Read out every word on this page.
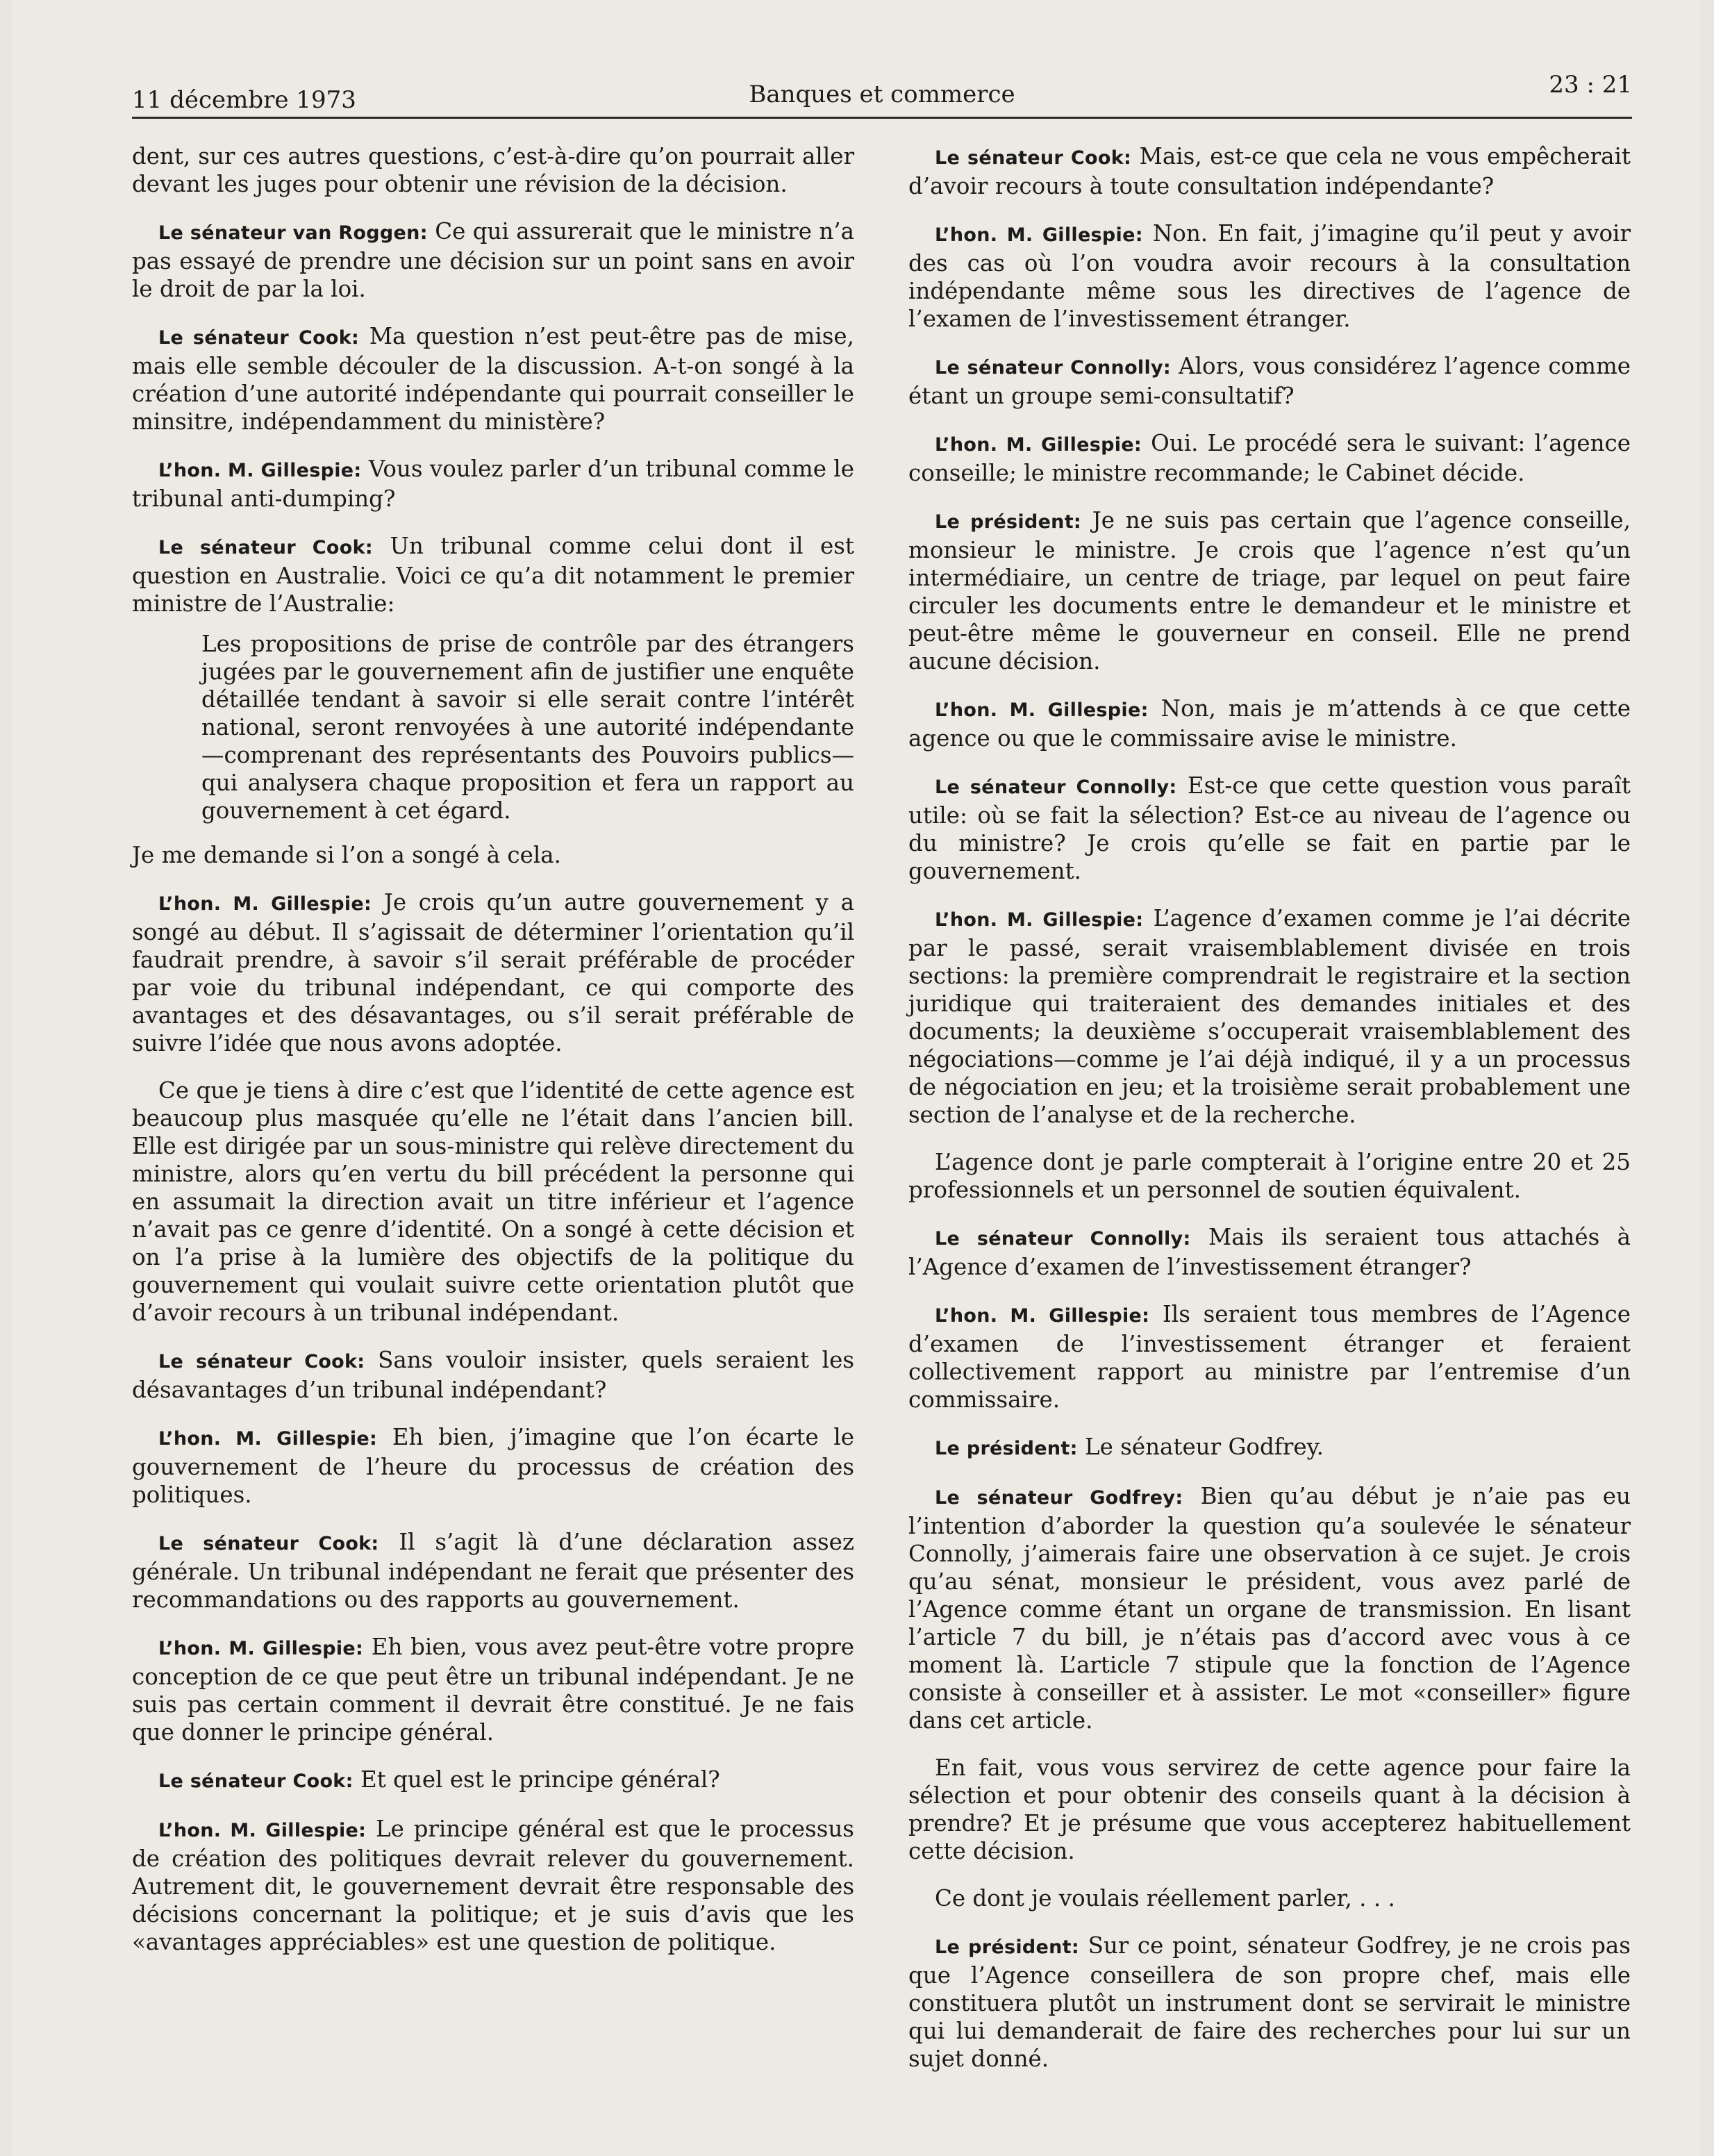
11 décembre 1973	Banques et commerce	23 : 21

dent, sur ces autres questions, c’est-à-dire qu’on pourrait aller devant les juges pour obtenir une révision de la décision.

Le sénateur van Roggen: Ce qui assurerait que le ministre n’a pas essayé de prendre une décision sur un point sans en avoir le droit de par la loi.

Le sénateur Cook: Ma question n’est peut-être pas de mise, mais elle semble découler de la discussion. A-t-on songé à la création d’une autorité indépendante qui pourrait conseiller le minsitre, indépendamment du ministère?

L’hon. M. Gillespie: Vous voulez parler d’un tribunal comme le tribunal anti-dumping?

Le sénateur Cook: Un tribunal comme celui dont il est question en Australie. Voici ce qu’a dit notamment le premier ministre de l’Australie:

Les propositions de prise de contrôle par des étrangers jugées par le gouvernement afin de justifier une enquête détaillée tendant à savoir si elle serait contre l’intérêt national, seront renvoyées à une autorité indépendante—comprenant des représentants des Pouvoirs publics—qui analysera chaque proposition et fera un rapport au gouvernement à cet égard.

Je me demande si l’on a songé à cela.

L’hon. M. Gillespie: Je crois qu’un autre gouvernement y a songé au début. Il s’agissait de déterminer l’orientation qu’il faudrait prendre, à savoir s’il serait préférable de procéder par voie du tribunal indépendant, ce qui comporte des avantages et des désavantages, ou s’il serait préférable de suivre l’idée que nous avons adoptée.

Ce que je tiens à dire c’est que l’identité de cette agence est beaucoup plus masquée qu’elle ne l’était dans l’ancien bill. Elle est dirigée par un sous-ministre qui relève directement du ministre, alors qu’en vertu du bill précédent la personne qui en assumait la direction avait un titre inférieur et l’agence n’avait pas ce genre d’identité. On a songé à cette décision et on l’a prise à la lumière des objectifs de la politique du gouvernement qui voulait suivre cette orientation plutôt que d’avoir recours à un tribunal indépendant.

Le sénateur Cook: Sans vouloir insister, quels seraient les désavantages d’un tribunal indépendant?

L’hon. M. Gillespie: Eh bien, j’imagine que l’on écarte le gouvernement de l’heure du processus de création des politiques.

Le sénateur Cook: Il s’agit là d’une déclaration assez générale. Un tribunal indépendant ne ferait que présenter des recommandations ou des rapports au gouvernement.

L’hon. M. Gillespie: Eh bien, vous avez peut-être votre propre conception de ce que peut être un tribunal indépendant. Je ne suis pas certain comment il devrait être constitué. Je ne fais que donner le principe général.

Le sénateur Cook: Et quel est le principe général?

L’hon. M. Gillespie: Le principe général est que le processus de création des politiques devrait relever du gouvernement. Autrement dit, le gouvernement devrait être responsable des décisions concernant la politique; et je suis d’avis que les «avantages appréciables» est une question de politique.

Le sénateur Cook: Mais, est-ce que cela ne vous empêcherait d’avoir recours à toute consultation indépendante?

L’hon. M. Gillespie: Non. En fait, j’imagine qu’il peut y avoir des cas où l’on voudra avoir recours à la consultation indépendante même sous les directives de l’agence de l’examen de l’investissement étranger.

Le sénateur Connolly: Alors, vous considérez l’agence comme étant un groupe semi-consultatif?

L’hon. M. Gillespie: Oui. Le procédé sera le suivant: l’agence conseille; le ministre recommande; le Cabinet décide.

Le président: Je ne suis pas certain que l’agence conseille, monsieur le ministre. Je crois que l’agence n’est qu’un intermédiaire, un centre de triage, par lequel on peut faire circuler les documents entre le demandeur et le ministre et peut-être même le gouverneur en conseil. Elle ne prend aucune décision.

L’hon. M. Gillespie: Non, mais je m’attends à ce que cette agence ou que le commissaire avise le ministre.

Le sénateur Connolly: Est-ce que cette question vous paraît utile: où se fait la sélection? Est-ce au niveau de l’agence ou du ministre? Je crois qu’elle se fait en partie par le gouvernement.

L’hon. M. Gillespie: L’agence d’examen comme je l’ai décrite par le passé, serait vraisemblablement divisée en trois sections: la première comprendrait le registraire et la section juridique qui traiteraient des demandes initiales et des documents; la deuxième s’occuperait vraisemblablement des négociations—comme je l’ai déjà indiqué, il y a un processus de négociation en jeu; et la troisième serait probablement une section de l’analyse et de la recherche.

L’agence dont je parle compterait à l’origine entre 20 et 25 professionnels et un personnel de soutien équivalent.

Le sénateur Connolly: Mais ils seraient tous attachés à l’Agence d’examen de l’investissement étranger?

L’hon. M. Gillespie: Ils seraient tous membres de l’Agence d’examen de l’investissement étranger et feraient collectivement rapport au ministre par l’entremise d’un commissaire.

Le président: Le sénateur Godfrey.

Le sénateur Godfrey: Bien qu’au début je n’aie pas eu l’intention d’aborder la question qu’a soulevée le sénateur Connolly, j’aimerais faire une observation à ce sujet. Je crois qu’au sénat, monsieur le président, vous avez parlé de l’Agence comme étant un organe de transmission. En lisant l’article 7 du bill, je n’étais pas d’accord avec vous à ce moment là. L’article 7 stipule que la fonction de l’Agence consiste à conseiller et à assister. Le mot «conseiller» figure dans cet article.

En fait, vous vous servirez de cette agence pour faire la sélection et pour obtenir des conseils quant à la décision à prendre? Et je présume que vous accepterez habituellement cette décision.

Ce dont je voulais réellement parler, . . .

Le président: Sur ce point, sénateur Godfrey, je ne crois pas que l’Agence conseillera de son propre chef, mais elle constituera plutôt un instrument dont se servirait le ministre qui lui demanderait de faire des recherches pour lui sur un sujet donné.
